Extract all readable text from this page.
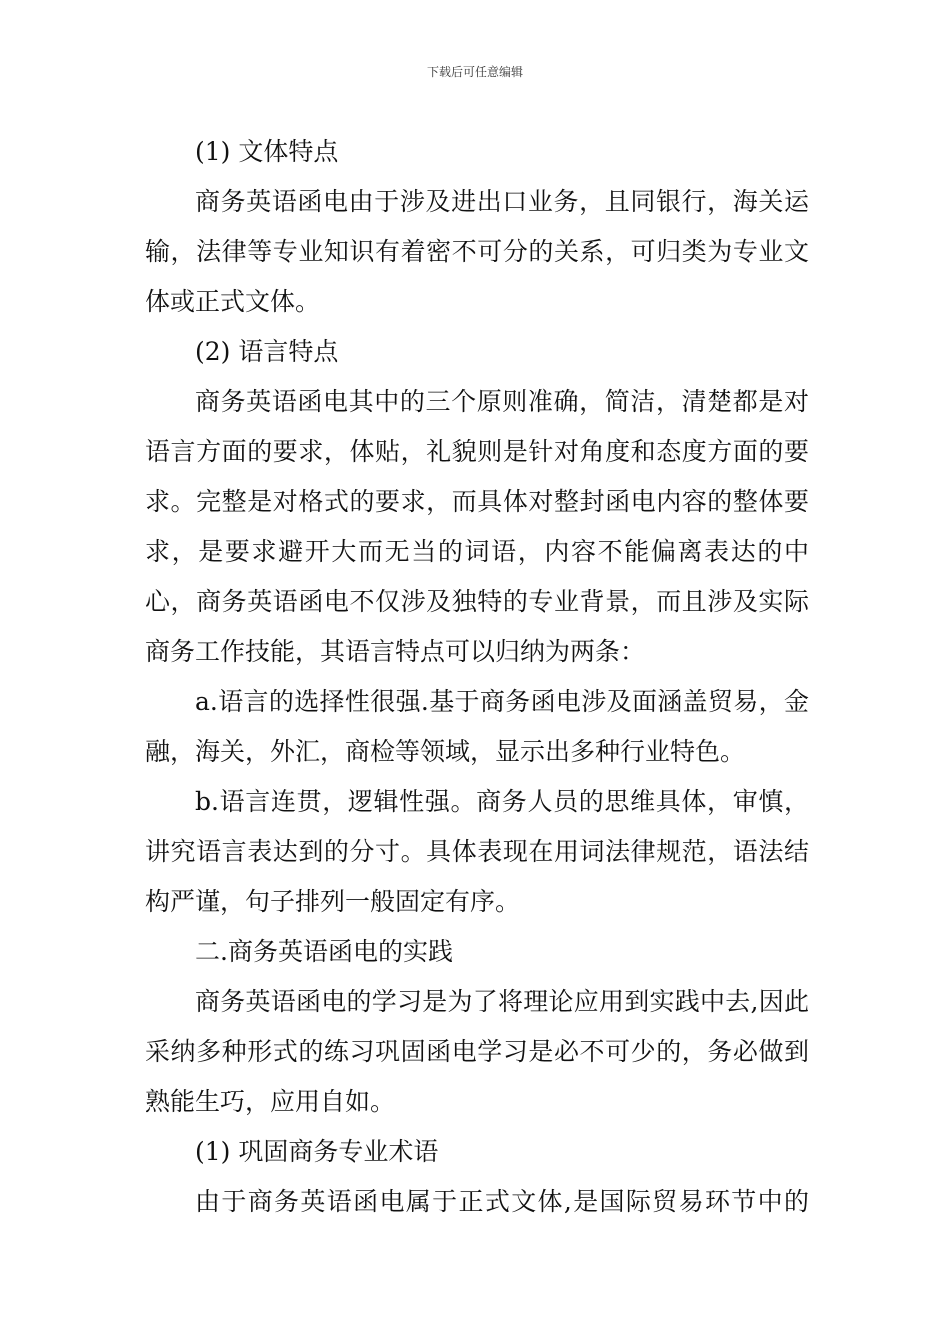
下载后可任意编辑

(1) 文体特点

商务英语函电由于涉及进出口业务，且同银行，海关运输，法律等专业知识有着密不可分的关系，可归类为专业文体或正式文体。

(2) 语言特点

商务英语函电其中的三个原则准确，简洁，清楚都是对语言方面的要求，体贴，礼貌则是针对角度和态度方面的要求。完整是对格式的要求，而具体对整封函电内容的整体要求，是要求避开大而无当的词语，内容不能偏离表达的中心，商务英语函电不仅涉及独特的专业背景，而且涉及实际商务工作技能，其语言特点可以归纳为两条：

a.语言的选择性很强.基于商务函电涉及面涵盖贸易，金融，海关，外汇，商检等领域，显示出多种行业特色。

b.语言连贯，逻辑性强。商务人员的思维具体，审慎，讲究语言表达到的分寸。具体表现在用词法律规范，语法结构严谨，句子排列一般固定有序。

二.商务英语函电的实践

商务英语函电的学习是为了将理论应用到实践中去,因此采纳多种形式的练习巩固函电学习是必不可少的，务必做到熟能生巧，应用自如。

(1) 巩固商务专业术语

由于商务英语函电属于正式文体,是国际贸易环节中的
